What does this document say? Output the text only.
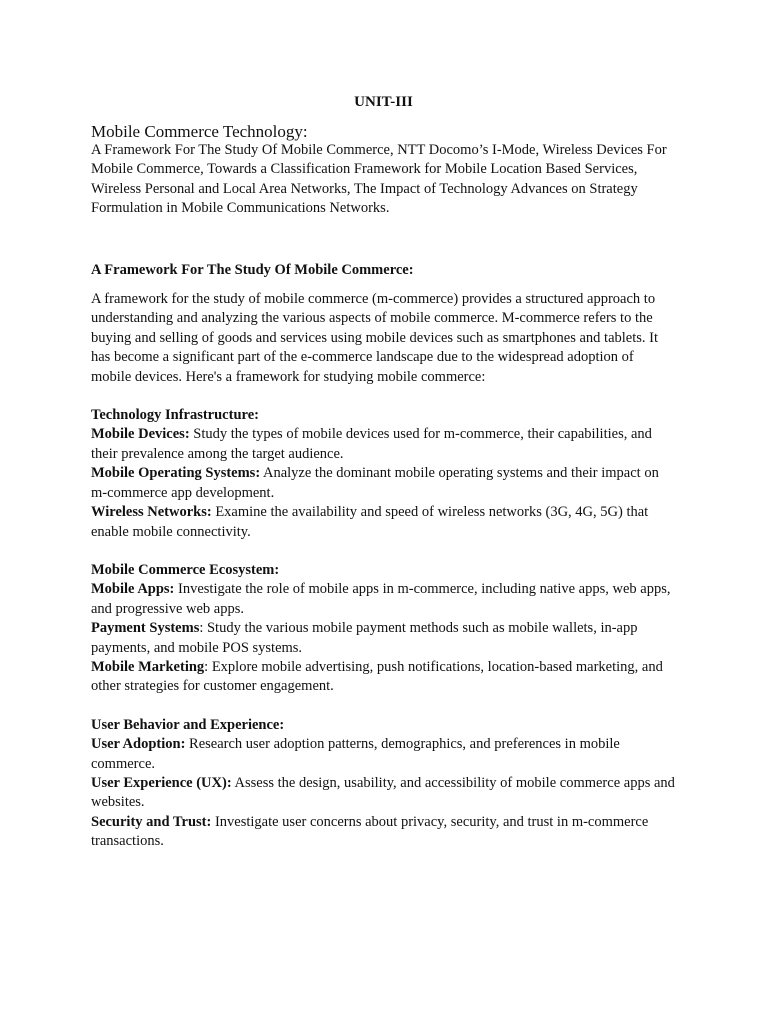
UNIT-III
Mobile Commerce Technology:

A Framework For The Study Of Mobile Commerce, NTT Docomo’s I-Mode, Wireless Devices For Mobile Commerce, Towards a Classification Framework for Mobile Location Based Services, Wireless Personal and Local Area Networks, The Impact of Technology Advances on Strategy Formulation in Mobile Communications Networks.

A Framework For The Study Of Mobile Commerce:

A framework for the study of mobile commerce (m-commerce) provides a structured approach to understanding and analyzing the various aspects of mobile commerce. M-commerce refers to the buying and selling of goods and services using mobile devices such as smartphones and tablets. It has become a significant part of the e-commerce landscape due to the widespread adoption of mobile devices. Here's a framework for studying mobile commerce:

Technology Infrastructure:

Mobile Devices: Study the types of mobile devices used for m-commerce, their capabilities, and their prevalence among the target audience.

Mobile Operating Systems: Analyze the dominant mobile operating systems and their impact on m-commerce app development.

Wireless Networks: Examine the availability and speed of wireless networks (3G, 4G, 5G) that enable mobile connectivity.

Mobile Commerce Ecosystem:

Mobile Apps: Investigate the role of mobile apps in m-commerce, including native apps, web apps, and progressive web apps.

Payment Systems: Study the various mobile payment methods such as mobile wallets, in-app payments, and mobile POS systems.

Mobile Marketing: Explore mobile advertising, push notifications, location-based marketing, and other strategies for customer engagement.

User Behavior and Experience:

User Adoption: Research user adoption patterns, demographics, and preferences in mobile commerce.

User Experience (UX): Assess the design, usability, and accessibility of mobile commerce apps and websites.

Security and Trust: Investigate user concerns about privacy, security, and trust in m-commerce transactions.
